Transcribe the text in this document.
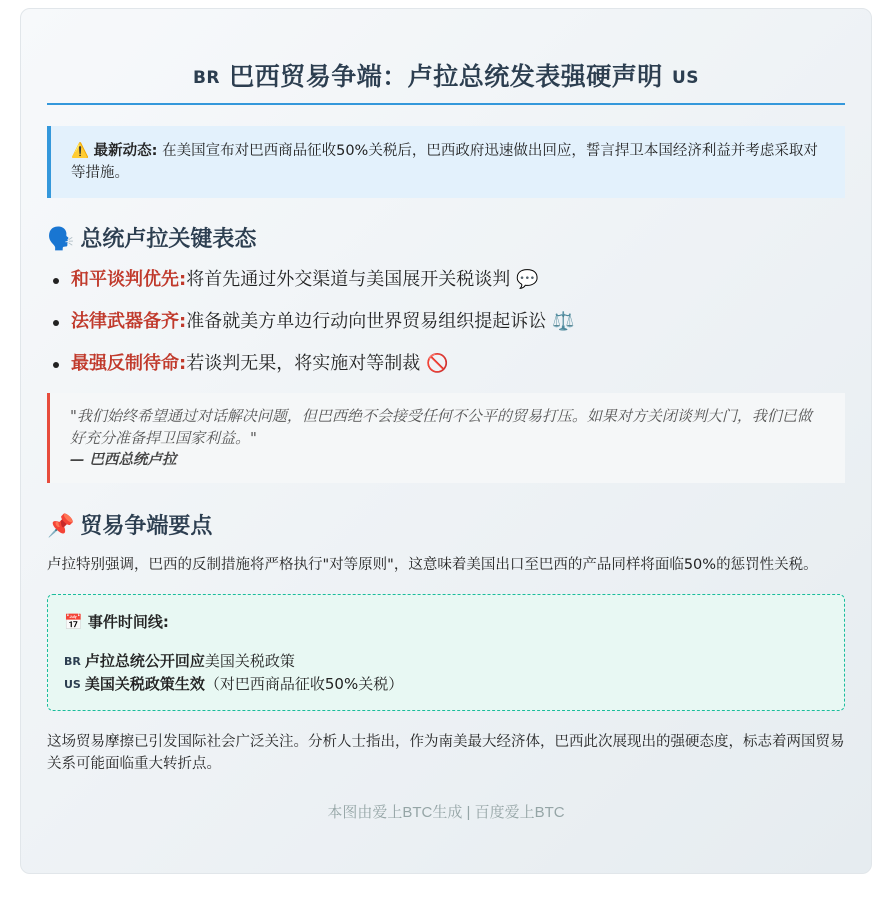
BR 巴西贸易争端：卢拉总统发表强硬声明 US
⚠️ 最新动态: 在美国宣布对巴西商品征收50%关税后，巴西政府迅速做出回应，誓言捍卫本国经济利益并考虑采取对等措施。
🗣️ 总统卢拉关键表态
和平谈判优先:将首先通过外交渠道与美国展开关税谈判 💬
法律武器备齐:准备就美方单边行动向世界贸易组织提起诉讼 ⚖️
最强反制待命:若谈判无果，将实施对等制裁 🚫
"我们始终希望通过对话解决问题，但巴西绝不会接受任何不公平的贸易打压。如果对方关闭谈判大门，我们已做好充分准备捍卫国家利益。"
— 巴西总统卢拉
📌 贸易争端要点
卢拉特别强调，巴西的反制措施将严格执行"对等原则"，这意味着美国出口至巴西的产品同样将面临50%的惩罚性关税。
📅 事件时间线:
BR 卢拉总统公开回应美国关税政策
US 美国关税政策生效（对巴西商品征收50%关税）
这场贸易摩擦已引发国际社会广泛关注。分析人士指出，作为南美最大经济体，巴西此次展现出的强硬态度，标志着两国贸易关系可能面临重大转折点。
本图由爱上BTC生成 | 百度爱上BTC
